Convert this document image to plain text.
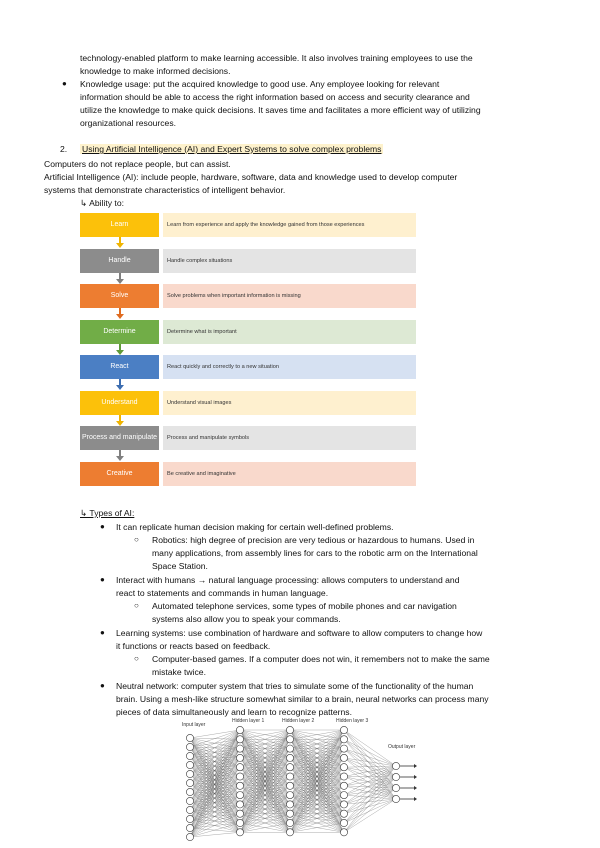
technology-enabled platform to make learning accessible. It also involves training employees to use the
knowledge to make informed decisions.
● Knowledge usage: put the acquired knowledge to good use. Any employee looking for relevant
information should be able to access the right information based on access and security clearance and
utilize the knowledge to make quick decisions. It saves time and facilitates a more efficient way of utilizing
organizational resources.
2. Using Artificial Intelligence (AI) and Expert Systems to solve complex problems
Computers do not replace people, but can assist.
Artificial Intelligence (AI): include people, hardware, software, data and knowledge used to develop computer
systems that demonstrate characteristics of intelligent behavior.
↳ Ability to:
Learn	Learn from experience and apply the knowledge gained from those experiences
Handle	Handle complex situations
Solve	Solve problems when important information is missing
Determine	Determine what is important
React	React quickly and correctly to a new situation
Understand	Understand visual images
Process and manipulate	Process and manipulate symbols
Creative	Be creative and imaginative
↳ Types of AI:
● It can replicate human decision making for certain well-defined problems.
○ Robotics: high degree of precision are very tedious or hazardous to humans. Used in
many applications, from assembly lines for cars to the robotic arm on the International
Space Station.
● Interact with humans → natural language processing: allows computers to understand and
react to statements and commands in human language.
○ Automated telephone services, some types of mobile phones and car navigation
systems also allow you to speak your commands.
● Learning systems: use combination of hardware and software to allow computers to change how
it functions or reacts based on feedback.
○ Computer-based games. If a computer does not win, it remembers not to make the same
mistake twice.
● Neutral network: computer system that tries to simulate some of the functionality of the human
brain. Using a mesh-like structure somewhat similar to a brain, neural networks can process many
pieces of data simultaneously and learn to recognize patterns.
Input layer
Hidden layer 1	Hidden layer 2	Hidden layer 3
Output layer
